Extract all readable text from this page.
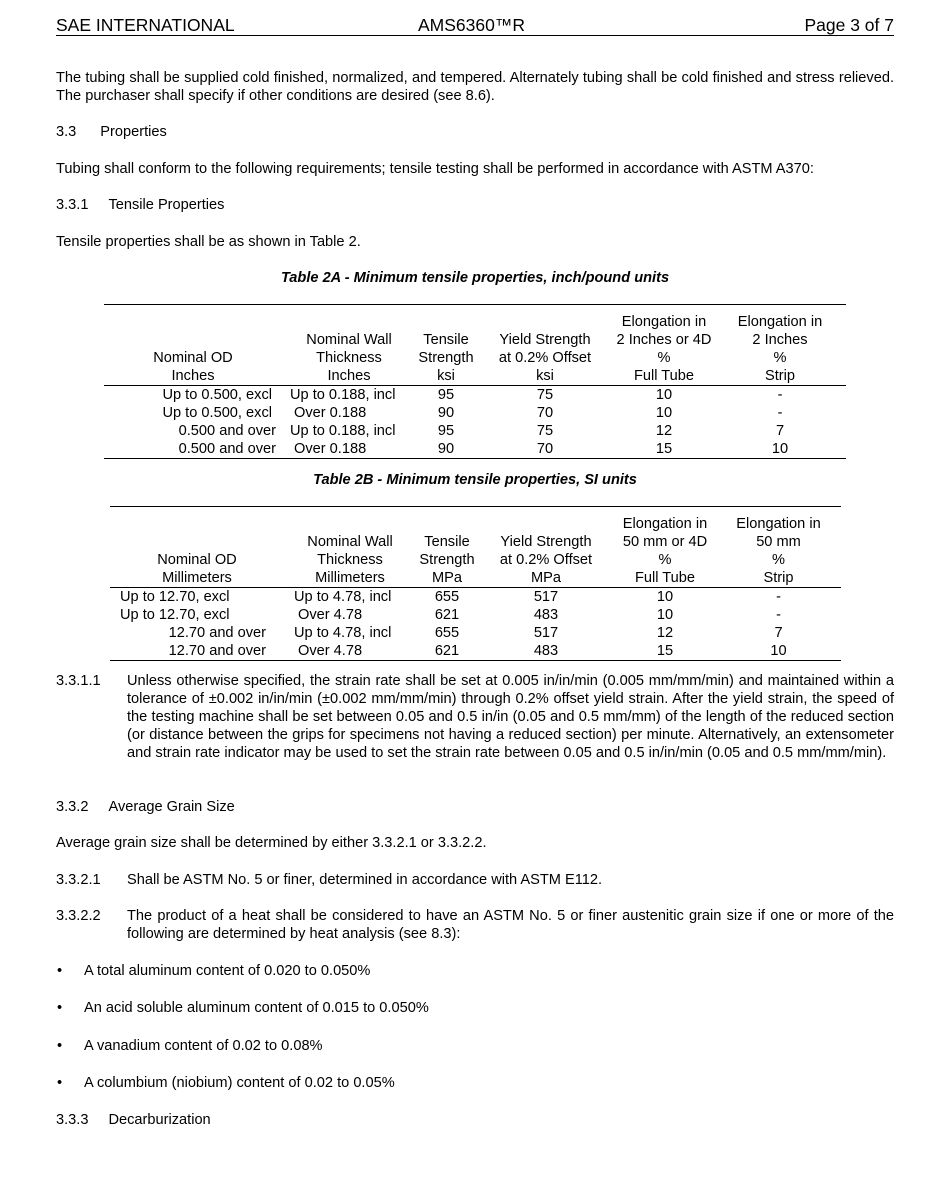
SAE INTERNATIONAL	AMS6360™R	Page 3 of 7

The tubing shall be supplied cold finished, normalized, and tempered. Alternately tubing shall be cold finished and stress relieved. The purchaser shall specify if other conditions are desired (see 8.6).

3.3 Properties

Tubing shall conform to the following requirements; tensile testing shall be performed in accordance with ASTM A370:

3.3.1 Tensile Properties

Tensile properties shall be as shown in Table 2.

Table 2A - Minimum tensile properties, inch/pound units

				Elongation in	Elongation in
	Nominal Wall	Tensile	Yield Strength	2 Inches or 4D	2 Inches
Nominal OD	Thickness	Strength	at 0.2% Offset	%	%
Inches	Inches	ksi	ksi	Full Tube	Strip
Up to 0.500, excl	Up to 0.188, incl	95	75	10	-
Up to 0.500, excl	Over 0.188	90	70	10	-
0.500 and over	Up to 0.188, incl	95	75	12	7
0.500 and over	Over 0.188	90	70	15	10
Table 2B - Minimum tensile properties, SI units

				Elongation in	Elongation in
	Nominal Wall	Tensile	Yield Strength	50 mm or 4D	50 mm
Nominal OD	Thickness	Strength	at 0.2% Offset	%	%
Millimeters	Millimeters	MPa	MPa	Full Tube	Strip
Up to 12.70, excl	Up to 4.78, incl	655	517	10	-
Up to 12.70, excl	Over 4.78	621	483	10	-
12.70 and over	Up to 4.78, incl	655	517	12	7
12.70 and over	Over 4.78	621	483	15	10
3.3.1.1 Unless otherwise specified, the strain rate shall be set at 0.005 in/in/min (0.005 mm/mm/min) and maintained within a tolerance of ±0.002 in/in/min (±0.002 mm/mm/min) through 0.2% offset yield strain. After the yield strain, the speed of the testing machine shall be set between 0.05 and 0.5 in/in (0.05 and 0.5 mm/mm) of the length of the reduced section (or distance between the grips for specimens not having a reduced section) per minute. Alternatively, an extensometer and strain rate indicator may be used to set the strain rate between 0.05 and 0.5 in/in/min (0.05 and 0.5 mm/mm/min).

3.3.2 Average Grain Size

Average grain size shall be determined by either 3.3.2.1 or 3.3.2.2.

3.3.2.1 Shall be ASTM No. 5 or finer, determined in accordance with ASTM E112.

3.3.2.2 The product of a heat shall be considered to have an ASTM No. 5 or finer austenitic grain size if one or more of the following are determined by heat analysis (see 8.3):

• A total aluminum content of 0.020 to 0.050%
• An acid soluble aluminum content of 0.015 to 0.050%
• A vanadium content of 0.02 to 0.08%
• A columbium (niobium) content of 0.02 to 0.05%
3.3.3 Decarburization
